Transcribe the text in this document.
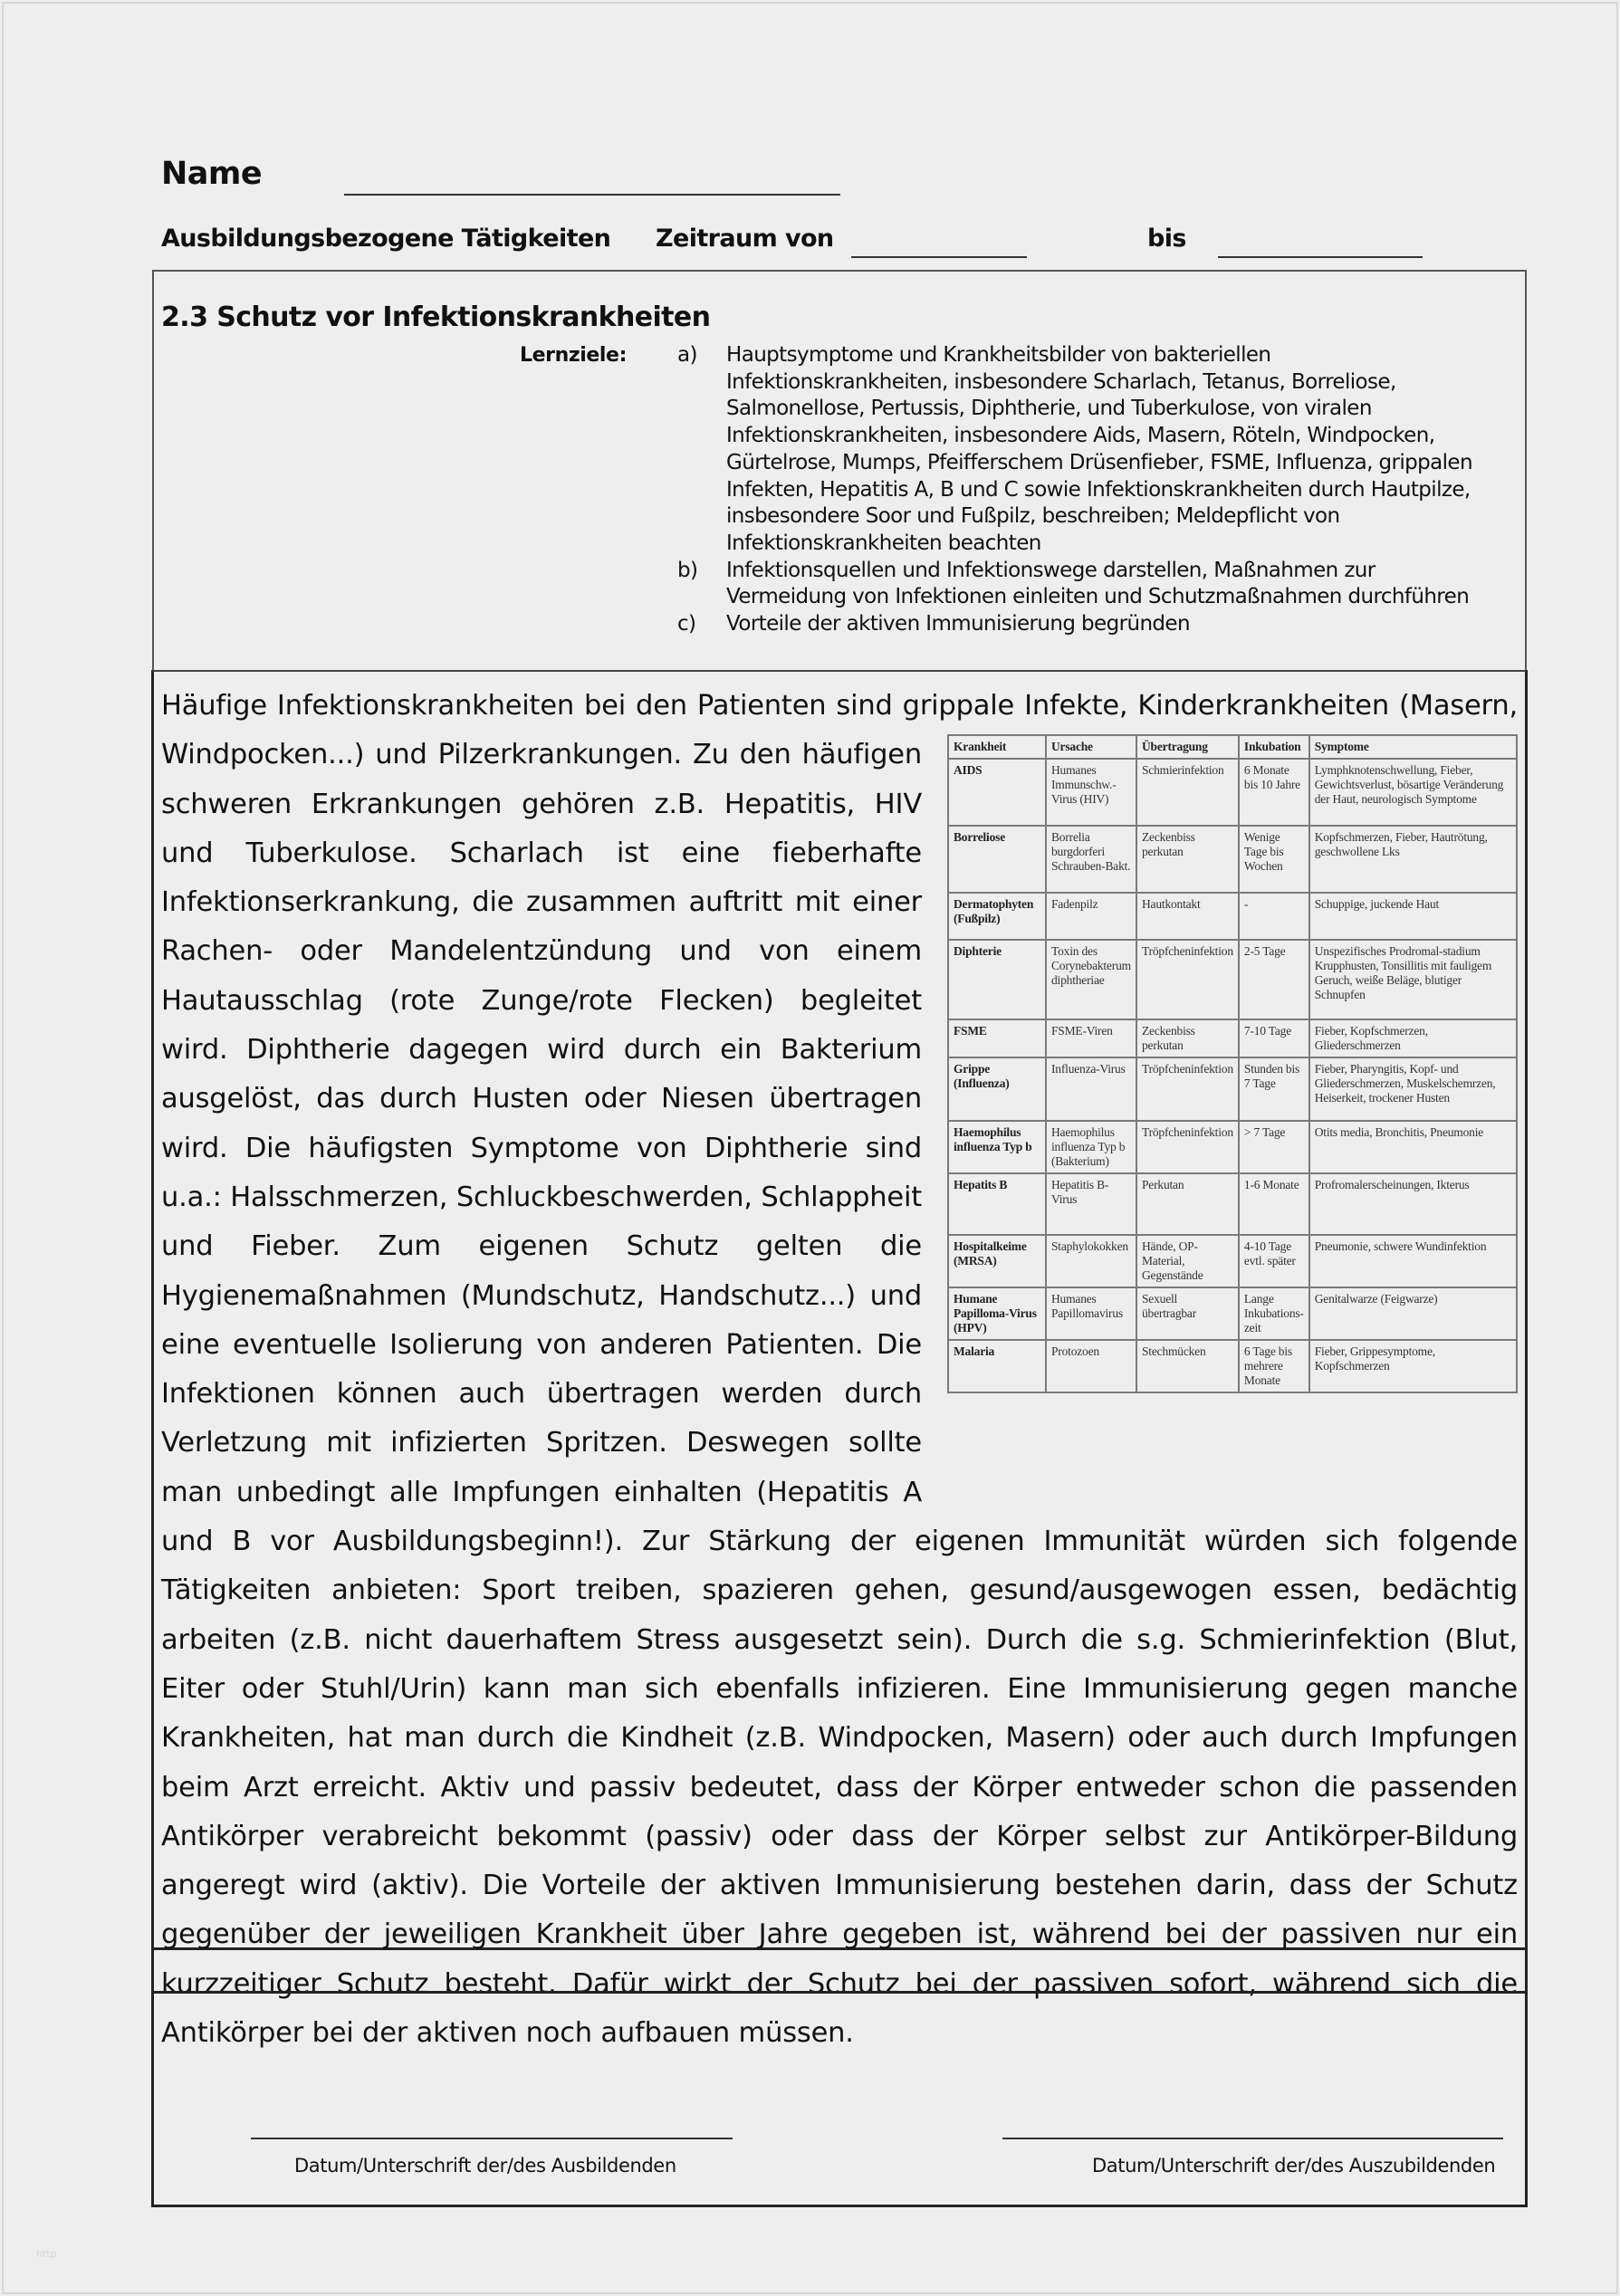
Name
Ausbildungsbezogene Tätigkeiten Zeitraum von	bis
2.3 Schutz vor Infektionskrankheiten
Lernziele: a)	Hauptsymptome und Krankheitsbilder von bakteriellen Infektionskrankheiten, insbesondere Scharlach, Tetanus, Borreliose, Salmonellose, Pertussis, Diphtherie, und Tuberkulose, von viralen Infektionskrankheiten, insbesondere Aids, Masern, Röteln, Windpocken, Gürtelrose, Mumps, Pfeifferschem Drüsenfieber, FSME, Influenza, grippalen Infekten, Hepatitis A, B und C sowie Infektionskrankheiten durch Hautpilze, insbesondere Soor und Fußpilz, beschreiben; Meldepflicht von Infektionskrankheiten beachten
b)	Infektionsquellen und Infektionswege darstellen, Maßnahmen zur Vermeidung von Infektionen einleiten und Schutzmaßnahmen durchführen
c)	Vorteile der aktiven Immunisierung begründen
Häufige Infektionskrankheiten bei den Patienten sind grippale Infekte, Kinderkrankheiten (Masern,
Krankheit	Ursache	Übertragung	Inkubation	Symptome
AIDS	Humanes Immunschw.-Virus (HIV)	Schmierinfektion	6 Monate bis 10 Jahre	Lymphknotenschwellung, Fieber, Gewichtsverlust, bösartige Veränderung der Haut, neurologisch Symptome
Borreliose	Borrelia burgdorferi Schrauben-Bakt.	Zeckenbiss perkutan	Wenige Tage bis Wochen	Kopfschmerzen, Fieber, Hautrötung, geschwollene Lks
Dermatophyten (Fußpilz)	Fadenpilz	Hautkontakt	-	Schuppige, juckende Haut
Diphterie	Toxin des Corynebakterum diphtheriae	Tröpfcheninfektion	2-5 Tage	Unspezifisches Prodromal-stadium Krupphusten, Tonsillitis mit fauligem Geruch, weiße Beläge, blutiger Schnupfen
FSME	FSME-Viren	Zeckenbiss perkutan	7-10 Tage	Fieber, Kopfschmerzen, Gliederschmerzen
Grippe (Influenza)	Influenza-Virus	Tröpfcheninfektion	Stunden bis 7 Tage	Fieber, Pharyngitis, Kopf- und Gliederschmerzen, Muskelschemrzen, Heiserkeit, trockener Husten
Haemophilus influenza Typ b	Haemophilus influenza Typ b (Bakterium)	Tröpfcheninfektion	> 7 Tage	Otits media, Bronchitis, Pneumonie
Hepatits B	Hepatitis B-Virus	Perkutan	1-6 Monate	Profromalerscheinungen, Ikterus
Hospitalkeime (MRSA)	Staphylokokken	Hände, OP-Material, Gegenstände	4-10 Tage evtl. später	Pneumonie, schwere Wundinfektion
Humane Papilloma-Virus (HPV)	Humanes Papillomavirus	Sexuell übertragbar	Lange Inkubations-zeit	Genitalwarze (Feigwarze)
Malaria	Protozoen	Stechmücken	6 Tage bis mehrere Monate	Fieber, Grippesymptome, Kopfschmerzen
Windpocken...) und Pilzerkrankungen. Zu den häufigen schweren Erkrankungen gehören z.B. Hepatitis, HIV und Tuberkulose. Scharlach ist eine fieberhafte Infektionserkrankung, die zusammen auftritt mit einer Rachen- oder Mandelentzündung und von einem Hautausschlag (rote Zunge/rote Flecken) begleitet wird. Diphtherie dagegen wird durch ein Bakterium ausgelöst, das durch Husten oder Niesen übertragen wird. Die häufigsten Symptome von Diphtherie sind u.a.: Halsschmerzen, Schluckbeschwerden, Schlappheit und Fieber. Zum eigenen Schutz gelten die Hygienemaßnahmen (Mundschutz, Handschutz...) und eine eventuelle Isolierung von anderen Patienten. Die Infektionen können auch übertragen werden durch Verletzung mit infizierten Spritzen. Deswegen sollte man unbedingt alle Impfungen einhalten (Hepatitis A und B vor Ausbildungsbeginn!). Zur Stärkung der eigenen Immunität würden sich folgende Tätigkeiten anbieten: Sport treiben, spazieren gehen, gesund/ausgewogen essen, bedächtig arbeiten (z.B. nicht dauerhaftem Stress ausgesetzt sein). Durch die s.g. Schmierinfektion (Blut, Eiter oder Stuhl/Urin) kann man sich ebenfalls infizieren. Eine Immunisierung gegen manche Krankheiten, hat man durch die Kindheit (z.B. Windpocken, Masern) oder auch durch Impfungen beim Arzt erreicht. Aktiv und passiv bedeutet, dass der Körper entweder schon die passenden Antikörper verabreicht bekommt (passiv) oder dass der Körper selbst zur Antikörper-Bildung angeregt wird (aktiv). Die Vorteile der aktiven Immunisierung bestehen darin, dass der Schutz gegenüber der jeweiligen Krankheit über Jahre gegeben ist, während bei der passiven nur ein kurzzeitiger Schutz besteht. Dafür wirkt der Schutz bei der passiven sofort, während sich die Antikörper bei der aktiven noch aufbauen müssen.
Datum/Unterschrift der/des Ausbildenden	Datum/Unterschrift der/des Auszubildenden
http
